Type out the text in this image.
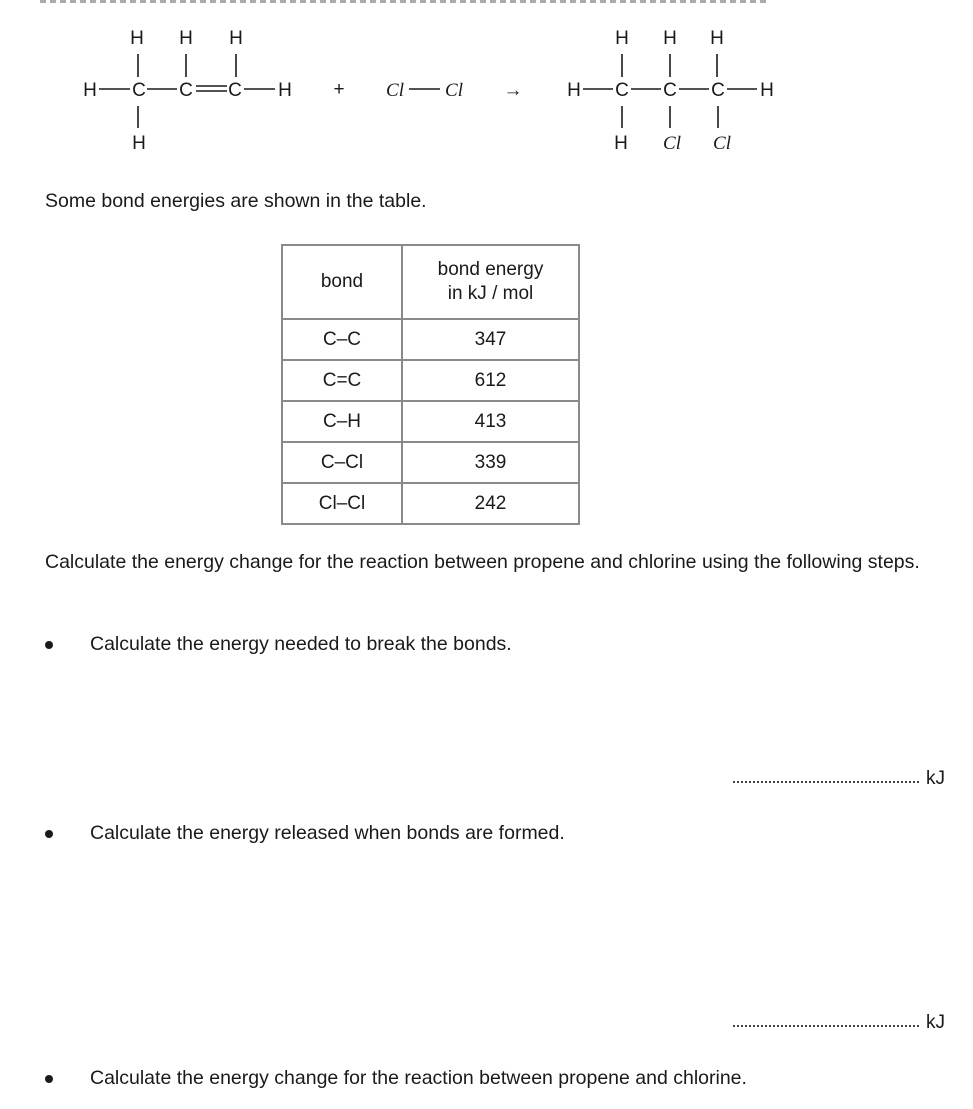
H H H
H C C C H
H
+ Cl Cl →
H H H
H C C C H
H Cl Cl

Some bond energies are shown in the table.

bond	bond energy
in kJ / mol
C–C	347
C=C	612
C–H	413
C–Cl	339
Cl–Cl	242

Calculate the energy change for the reaction between propene and chlorine using the following steps.

Calculate the energy needed to break the bonds.
kJ
Calculate the energy released when bonds are formed.
kJ
Calculate the energy change for the reaction between propene and chlorine.
